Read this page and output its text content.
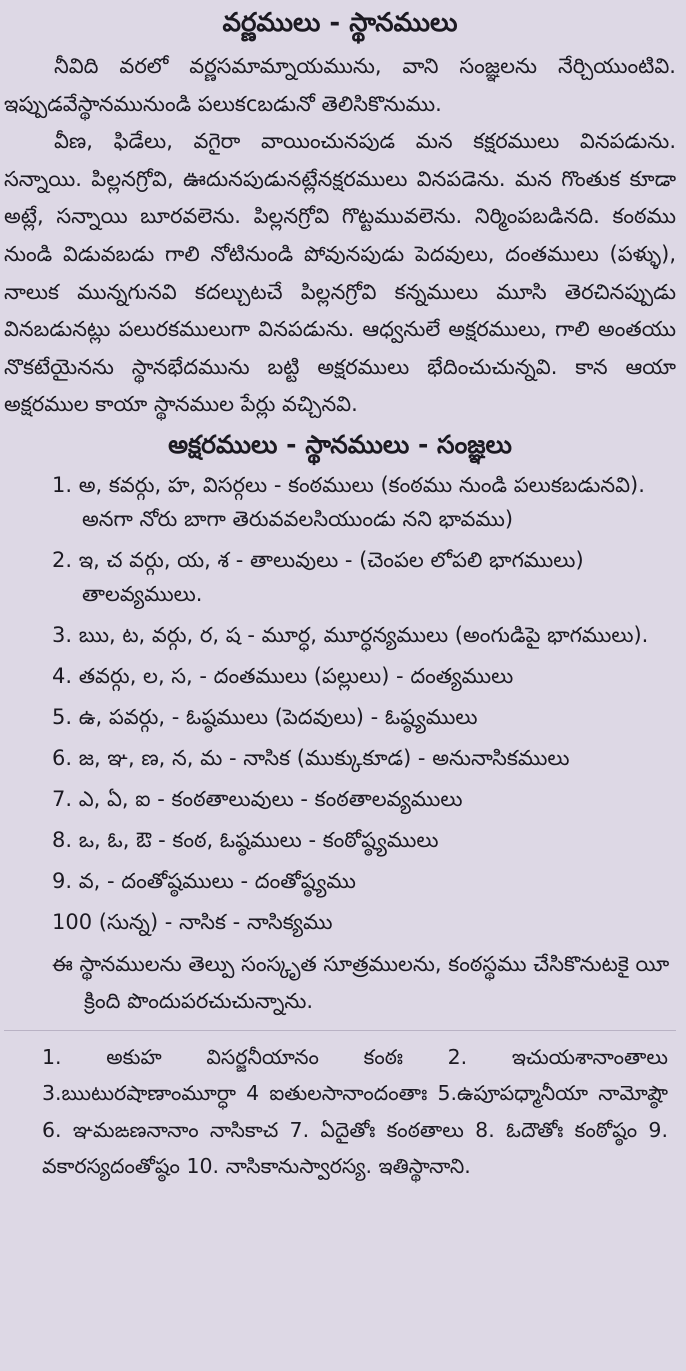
వర్ణములు - స్థానములు

నీవిది వరలో వర్ణసమామ్నాయమును, వాని సంజ్ఞలను నేర్చియుంటివి. ఇప్పుడవేస్థానమునుండి పలుకcబడునో తెలిసికొనుము.

వీణ, ఫిడేలు, వగైరా వాయించునపుడ మన కక్షరములు వినపడును. సన్నాయి. పిల్లనగ్రోవి, ఊదునపుడునట్లేనక్షరములు వినపడెను. మన గొంతుక కూడా అట్లే, సన్నాయి బూరవలెను. పిల్లనగ్రోవి గొట్టమువలెను. నిర్మింపబడినది. కంఠము నుండి విడువబడు గాలి నోటినుండి పోవునపుడు పెదవులు, దంతములు (పళ్ళు), నాలుక మున్నగునవి కదల్చుటచే పిల్లనగ్రోవి కన్నములు మూసి తెరచినప్పుడు వినబడునట్లు పలురకములుగా వినపడును. ఆధ్వనులే అక్షరములు, గాలి అంతయు నొకటేయైనను స్థానభేదమును బట్టి అక్షరములు భేదించుచున్నవి. కాన ఆయా అక్షరముల కాయా స్థానముల పేర్లు వచ్చినవి.

అక్షరములు - స్థానములు - సంజ్ఞలు
1. అ, కవర్గు, హ, విసర్గలు - కంఠములు (కంఠము నుండి పలుకబడునవి). అనగా నోరు బాగా తెరువవలసియుండు నని భావము)
2. ఇ, చ వర్గు, య, శ - తాలువులు - (చెంపల లోపలి భాగములు) తాలవ్యములు.
3. ఋ, ట, వర్గు, ర, ష - మూర్ధ, మూర్ధన్యములు (అంగుడిపై భాగములు).
4. తవర్గు, ల, స, - దంతములు (పల్లులు) - దంత్యములు
5. ఉ, పవర్గు, - ఓష్ఠములు (పెదవులు) - ఓష్ఠ్యములు
6. జ, ఞ, ణ, న, మ - నాసిక (ముక్కుకూడ) - అనునాసికములు
7. ఎ, ఏ, ఐ - కంఠతాలువులు - కంఠతాలవ్యములు
8. ఒ, ఓ, ఔ - కంఠ, ఓష్ఠములు - కంఠోష్ఠ్యములు
9. వ, - దంతోష్ఠములు - దంతోష్ఠ్యము
100 (సున్న) - నాసిక - నాసిక్యము

ఈ స్థానములను తెల్పు సంస్కృత సూత్రములను, కంఠస్థము చేసికొనుటకై యీ క్రింది పొందుపరచుచున్నాను.

1. అకుహ విసర్జనీయానం కంఠః 2. ఇచుయశానాంతాలు 3.ఋటురషాణాంమూర్ధా 4 ఐతులసానాందంతాః 5.ఉపూపధ్మానీయా నామోష్ఠౌ 6. ఞమఙణనానాం నాసికాచ 7. ఏదైతోః కంఠతాలు 8. ఓదౌతోః కంఠోష్ఠం 9. వకారస్యదంతోష్ఠం 10. నాసికానుస్వారస్య. ఇతిస్థానాని.
